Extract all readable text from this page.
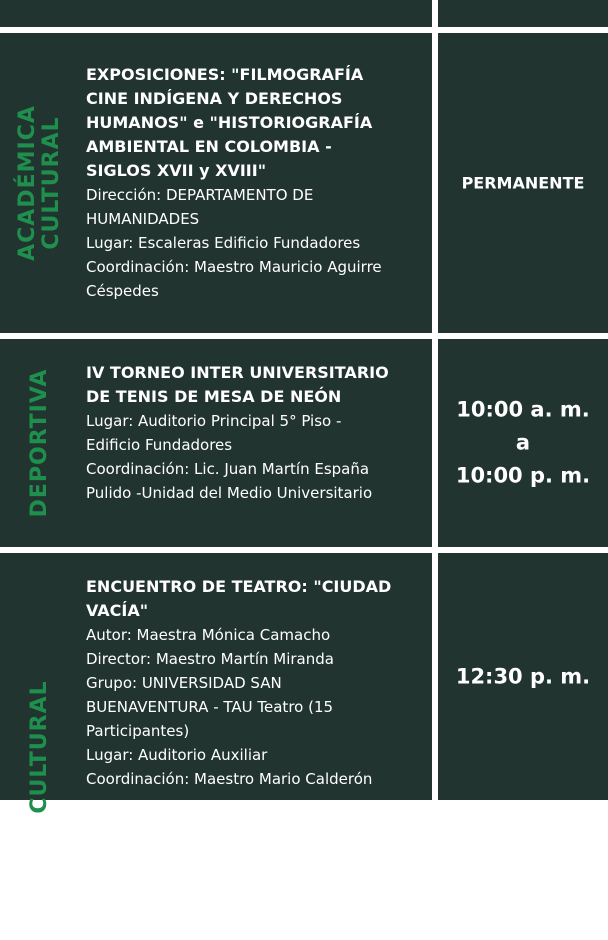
ACADÉMICA
CULTURAL
EXPOSICIONES: "FILMOGRAFÍA
CINE INDÍGENA Y DERECHOS
HUMANOS" e "HISTORIOGRAFÍA
AMBIENTAL EN COLOMBIA -
SIGLOS XVII y XVIII"
Dirección: DEPARTAMENTO DE
HUMANIDADES
Lugar: Escaleras Edificio Fundadores
Coordinación: Maestro Mauricio Aguirre
Céspedes
PERMANENTE
DEPORTIVA IV TORNEO INTER UNIVERSITARIO
DE TENIS DE MESA DE NEÓN
Lugar: Auditorio Principal 5° Piso -
Edificio Fundadores
Coordinación: Lic. Juan Martín España
Pulido -Unidad del Medio Universitario
10:00 a. m.
a
10:00 p. m.
CULTURAL
ENCUENTRO DE TEATRO: "CIUDAD
VACÍA"
Autor: Maestra Mónica Camacho
Director: Maestro Martín Miranda
Grupo: UNIVERSIDAD SAN
BUENAVENTURA - TAU Teatro (15
Participantes)
Lugar: Auditorio Auxiliar
Coordinación: Maestro Mario Calderón
12:30 p. m.
